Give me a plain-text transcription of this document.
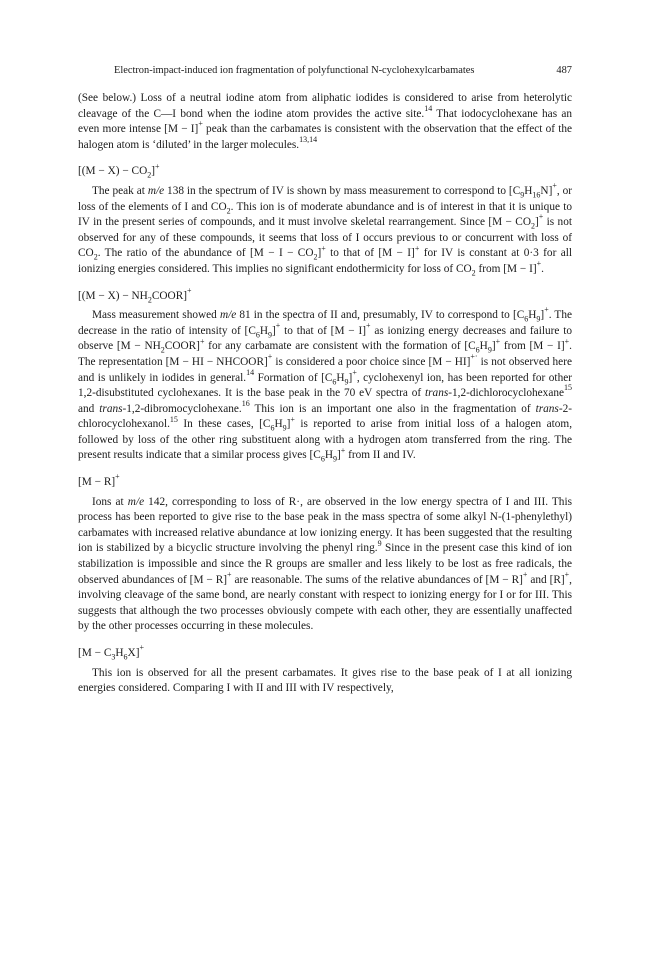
Electron-impact-induced ion fragmentation of polyfunctional N-cyclohexylcarbamates	487

(See below.) Loss of a neutral iodine atom from aliphatic iodides is considered to arise from heterolytic cleavage of the C—I bond when the iodine atom provides the active site.$^{14}$ That iodocyclohexane has an even more intense [M − I]+ peak than the carbamates is consistent with the observation that the effect of the halogen atom is ‘diluted’ in the larger molecules.$^{13,14}$

$[(M - X) - CO_2]^+$

The peak at m/e 138 in the spectrum of IV is shown by mass measurement to correspond to $[C_9H_{16}N]^+$, or loss of the elements of I and $CO_2$. This ion is of moderate abundance and is of interest in that it is unique to IV in the present series of compounds, and it must involve skeletal rearrangement. Since $[M - CO_2]^+$ is not observed for any of these compounds, it seems that loss of I occurs previous to or concurrent with loss of $CO_2$. The ratio of the abundance of $[M - I - CO_2]^+$ to that of [M − I]+ for IV is constant at 0·3 for all ionizing energies considered. This implies no significant endothermicity for loss of $CO_2$ from [M − I]+.

$[(M - X) - NH_2COOR]^+$

Mass measurement showed m/e 81 in the spectra of II and, presumably, IV to correspond to $[C_6H_9]^+$. The decrease in the ratio of intensity of $[C_6H_9]^+$ to that of [M − I]+ as ionizing energy decreases and failure to observe $[M - NH_2COOR]^+$ for any carbamate are consistent with the formation of $[C_6H_9]^+$ from [M − I]+. The representation [M − HI − NHCOOR]+ is considered a poor choice since [M − HI]+· is not observed here and is unlikely in iodides in general.$^{14}$ Formation of $[C_6H_9]^+$, cyclohexenyl ion, has been reported for other 1,2-disubstituted cyclohexanes. It is the base peak in the 70 eV spectra of trans-1,2-dichlorocyclohexane$^{15}$ and trans-1,2-dibromocyclohexane.$^{16}$ This ion is an important one also in the fragmentation of trans-2-chlorocyclohexanol.$^{15}$ In these cases, $[C_6H_9]^+$ is reported to arise from initial loss of a halogen atom, followed by loss of the other ring substituent along with a hydrogen atom transferred from the ring. The present results indicate that a similar process gives $[C_6H_9]^+$ from II and IV.

[M − R]+

Ions at m/e 142, corresponding to loss of R·, are observed in the low energy spectra of I and III. This process has been reported to give rise to the base peak in the mass spectra of some alkyl N-(1-phenylethyl) carbamates with increased relative abundance at low ionizing energy. It has been suggested that the resulting ion is stabilized by a bicyclic structure involving the phenyl ring.$^9$ Since in the present case this kind of ion stabilization is impossible and since the R groups are smaller and less likely to be lost as free radicals, the observed abundances of [M − R]+ are reasonable. The sums of the relative abundances of [M − R]+ and [R]+, involving cleavage of the same bond, are nearly constant with respect to ionizing energy for I or for III. This suggests that although the two processes obviously compete with each other, they are essentially unaffected by the other processes occurring in these molecules.

$[M - C_3H_6X]^+$

This ion is observed for all the present carbamates. It gives rise to the base peak of I at all ionizing energies considered. Comparing I with II and III with IV respectively,
